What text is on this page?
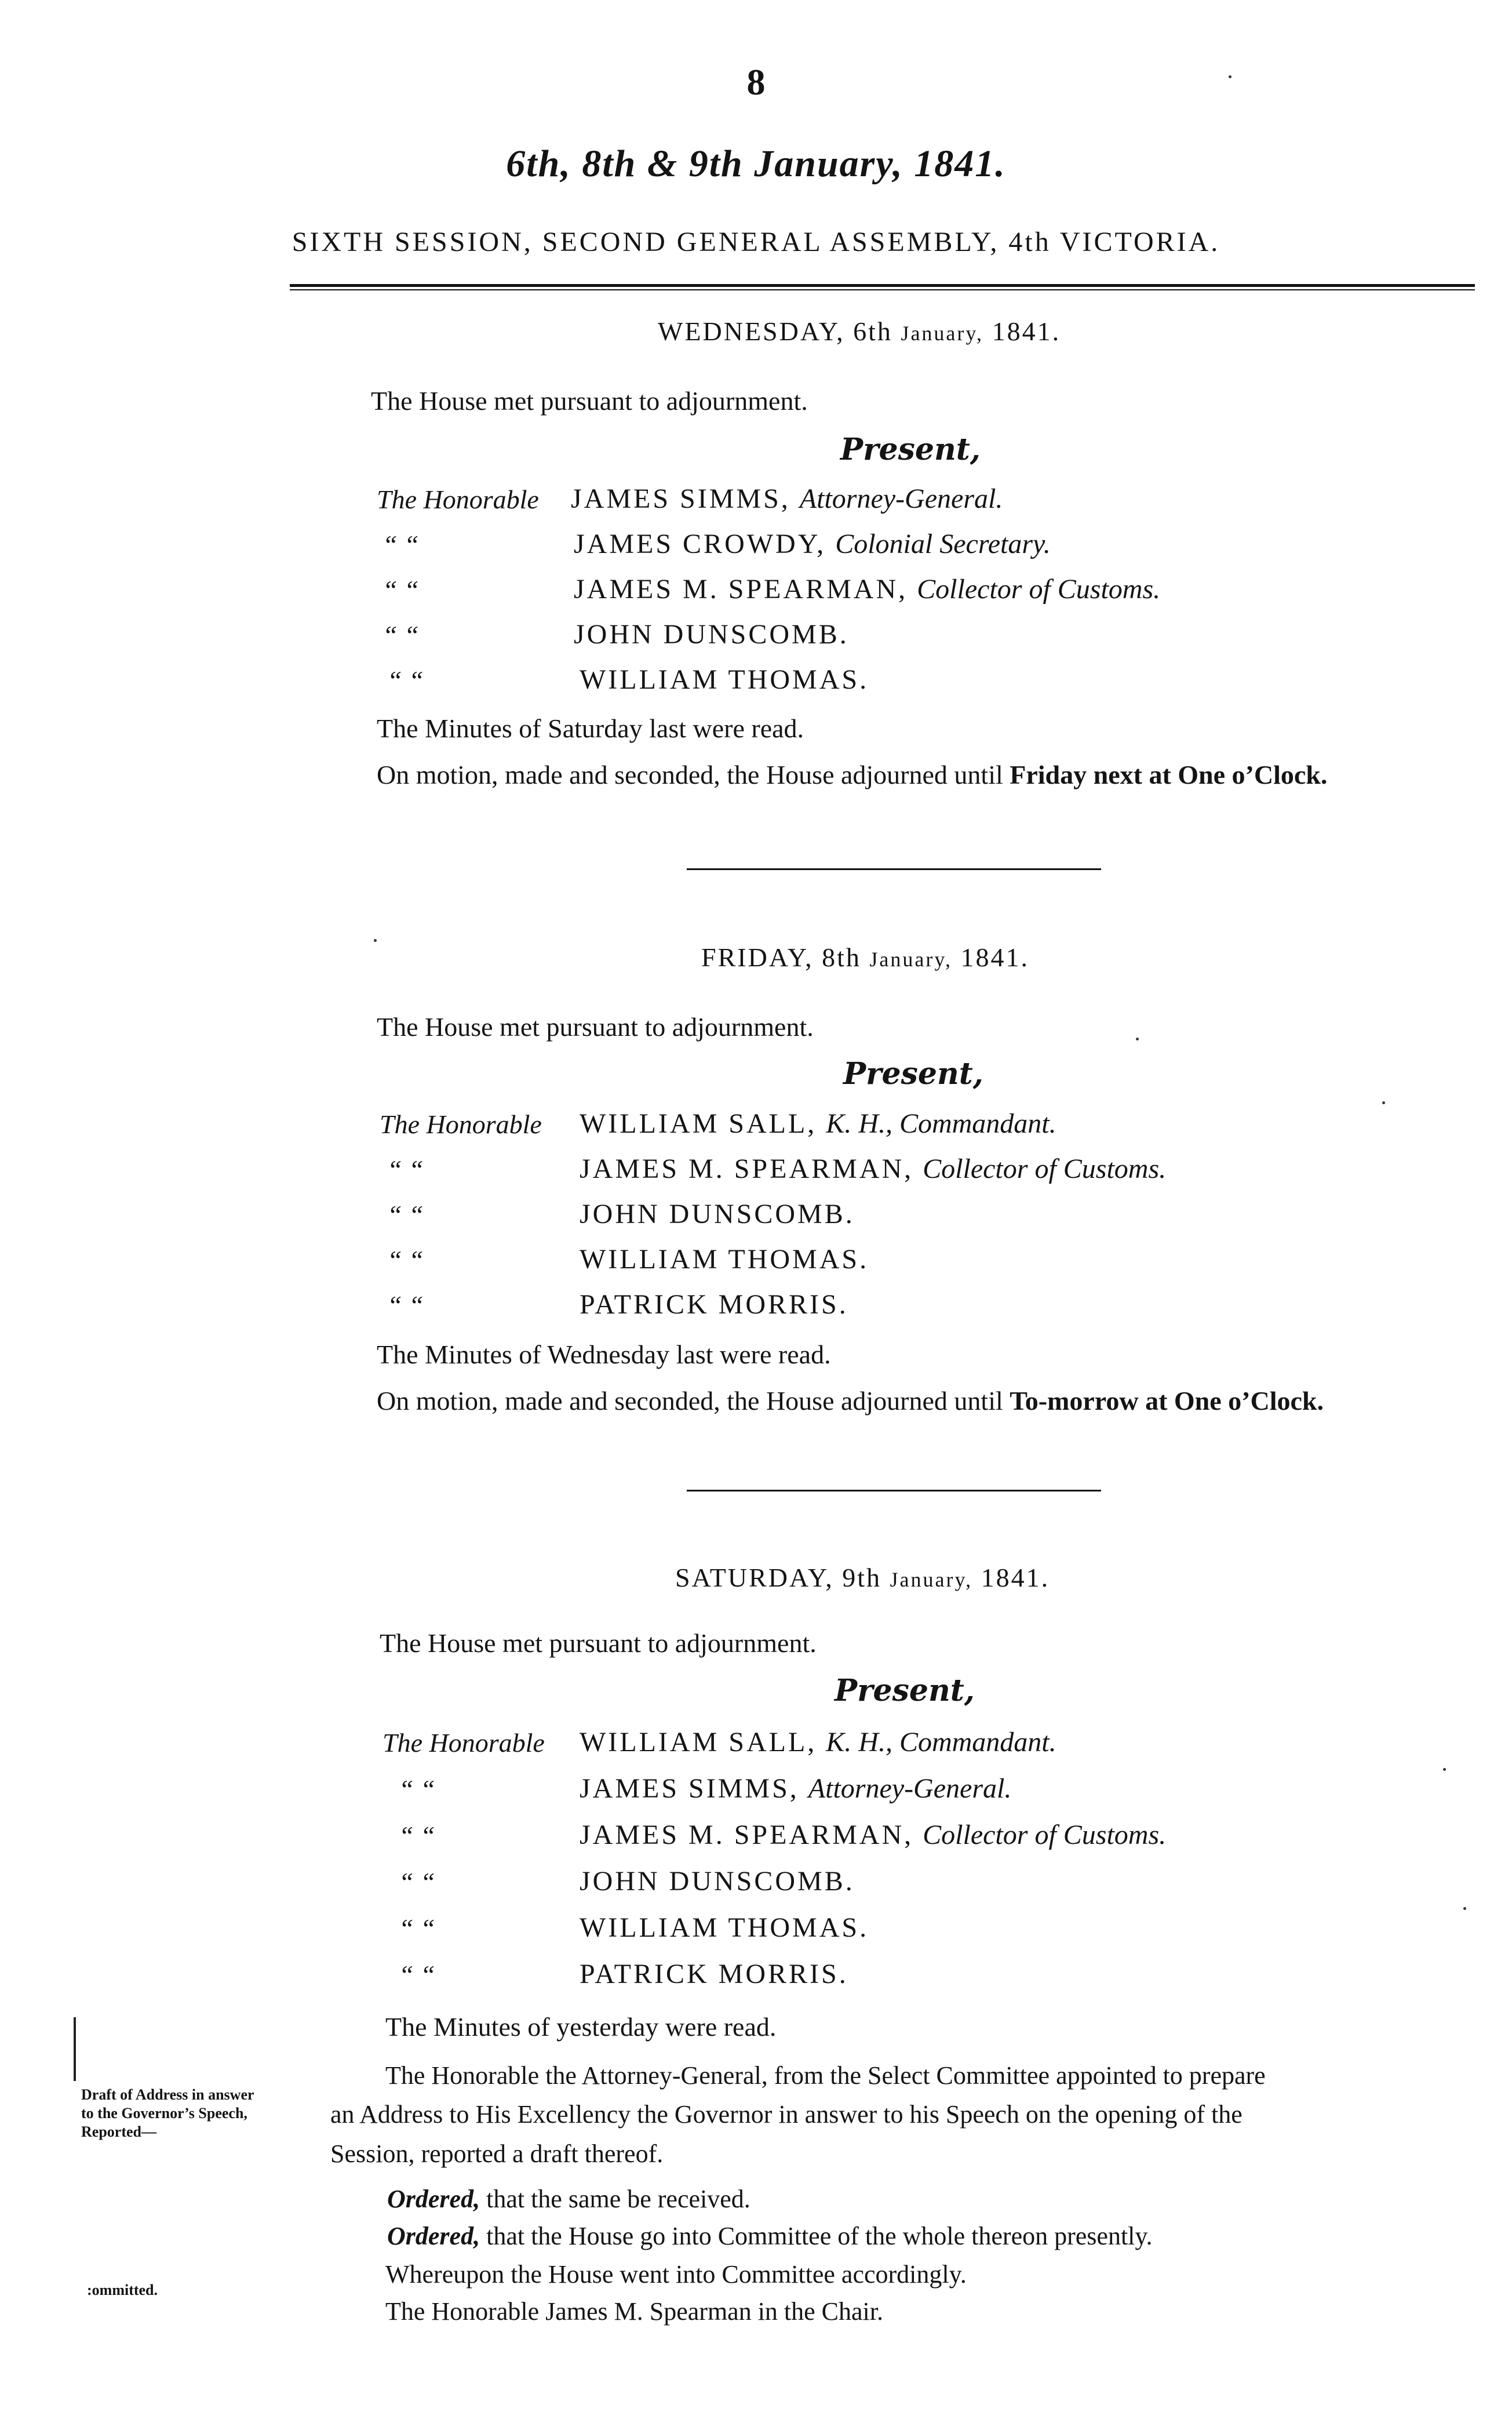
8
6th, 8th & 9th January, 1841.
SIXTH SESSION, SECOND GENERAL ASSEMBLY, 4th VICTORIA.
WEDNESDAY, 6th January, 1841.
The House met pursuant to adjournment.
Present,
The Honorable JAMES SIMMS, Attorney-General.
“ “	JAMES CROWDY, Colonial Secretary.
“ “	JAMES M. SPEARMAN, Collector of Customs.
“ “	JOHN DUNSCOMB.
“ “	WILLIAM THOMAS.
The Minutes of Saturday last were read.
On motion, made and seconded, the House adjourned until Friday next at One o’Clock.
FRIDAY, 8th January, 1841.
The House met pursuant to adjournment.
Present,
The Honorable WILLIAM SALL, K. H., Commandant.
“ “	JAMES M. SPEARMAN, Collector of Customs.
“ “	JOHN DUNSCOMB.
“ “	WILLIAM THOMAS.
“ “	PATRICK MORRIS.
The Minutes of Wednesday last were read.
On motion, made and seconded, the House adjourned until To-morrow at One o’Clock.
SATURDAY, 9th January, 1841.
The House met pursuant to adjournment.
Present,
The Honorable WILLIAM SALL, K. H., Commandant.
“ “	JAMES SIMMS, Attorney-General.
“ “	JAMES M. SPEARMAN, Collector of Customs.
“ “	JOHN DUNSCOMB.
“ “	WILLIAM THOMAS.
“ “	PATRICK MORRIS.
The Minutes of yesterday were read.
The Honorable the Attorney-General, from the Select Committee appointed to prepare
an Address to His Excellency the Governor in answer to his Speech on the opening of the
Session, reported a draft thereof.
Ordered, that the same be received.
Ordered, that the House go into Committee of the whole thereon presently.
Whereupon the House went into Committee accordingly.
The Honorable James M. Spearman in the Chair.
Draft of Address in answer
to the Governor’s Speech,
Reported—
:ommitted.
